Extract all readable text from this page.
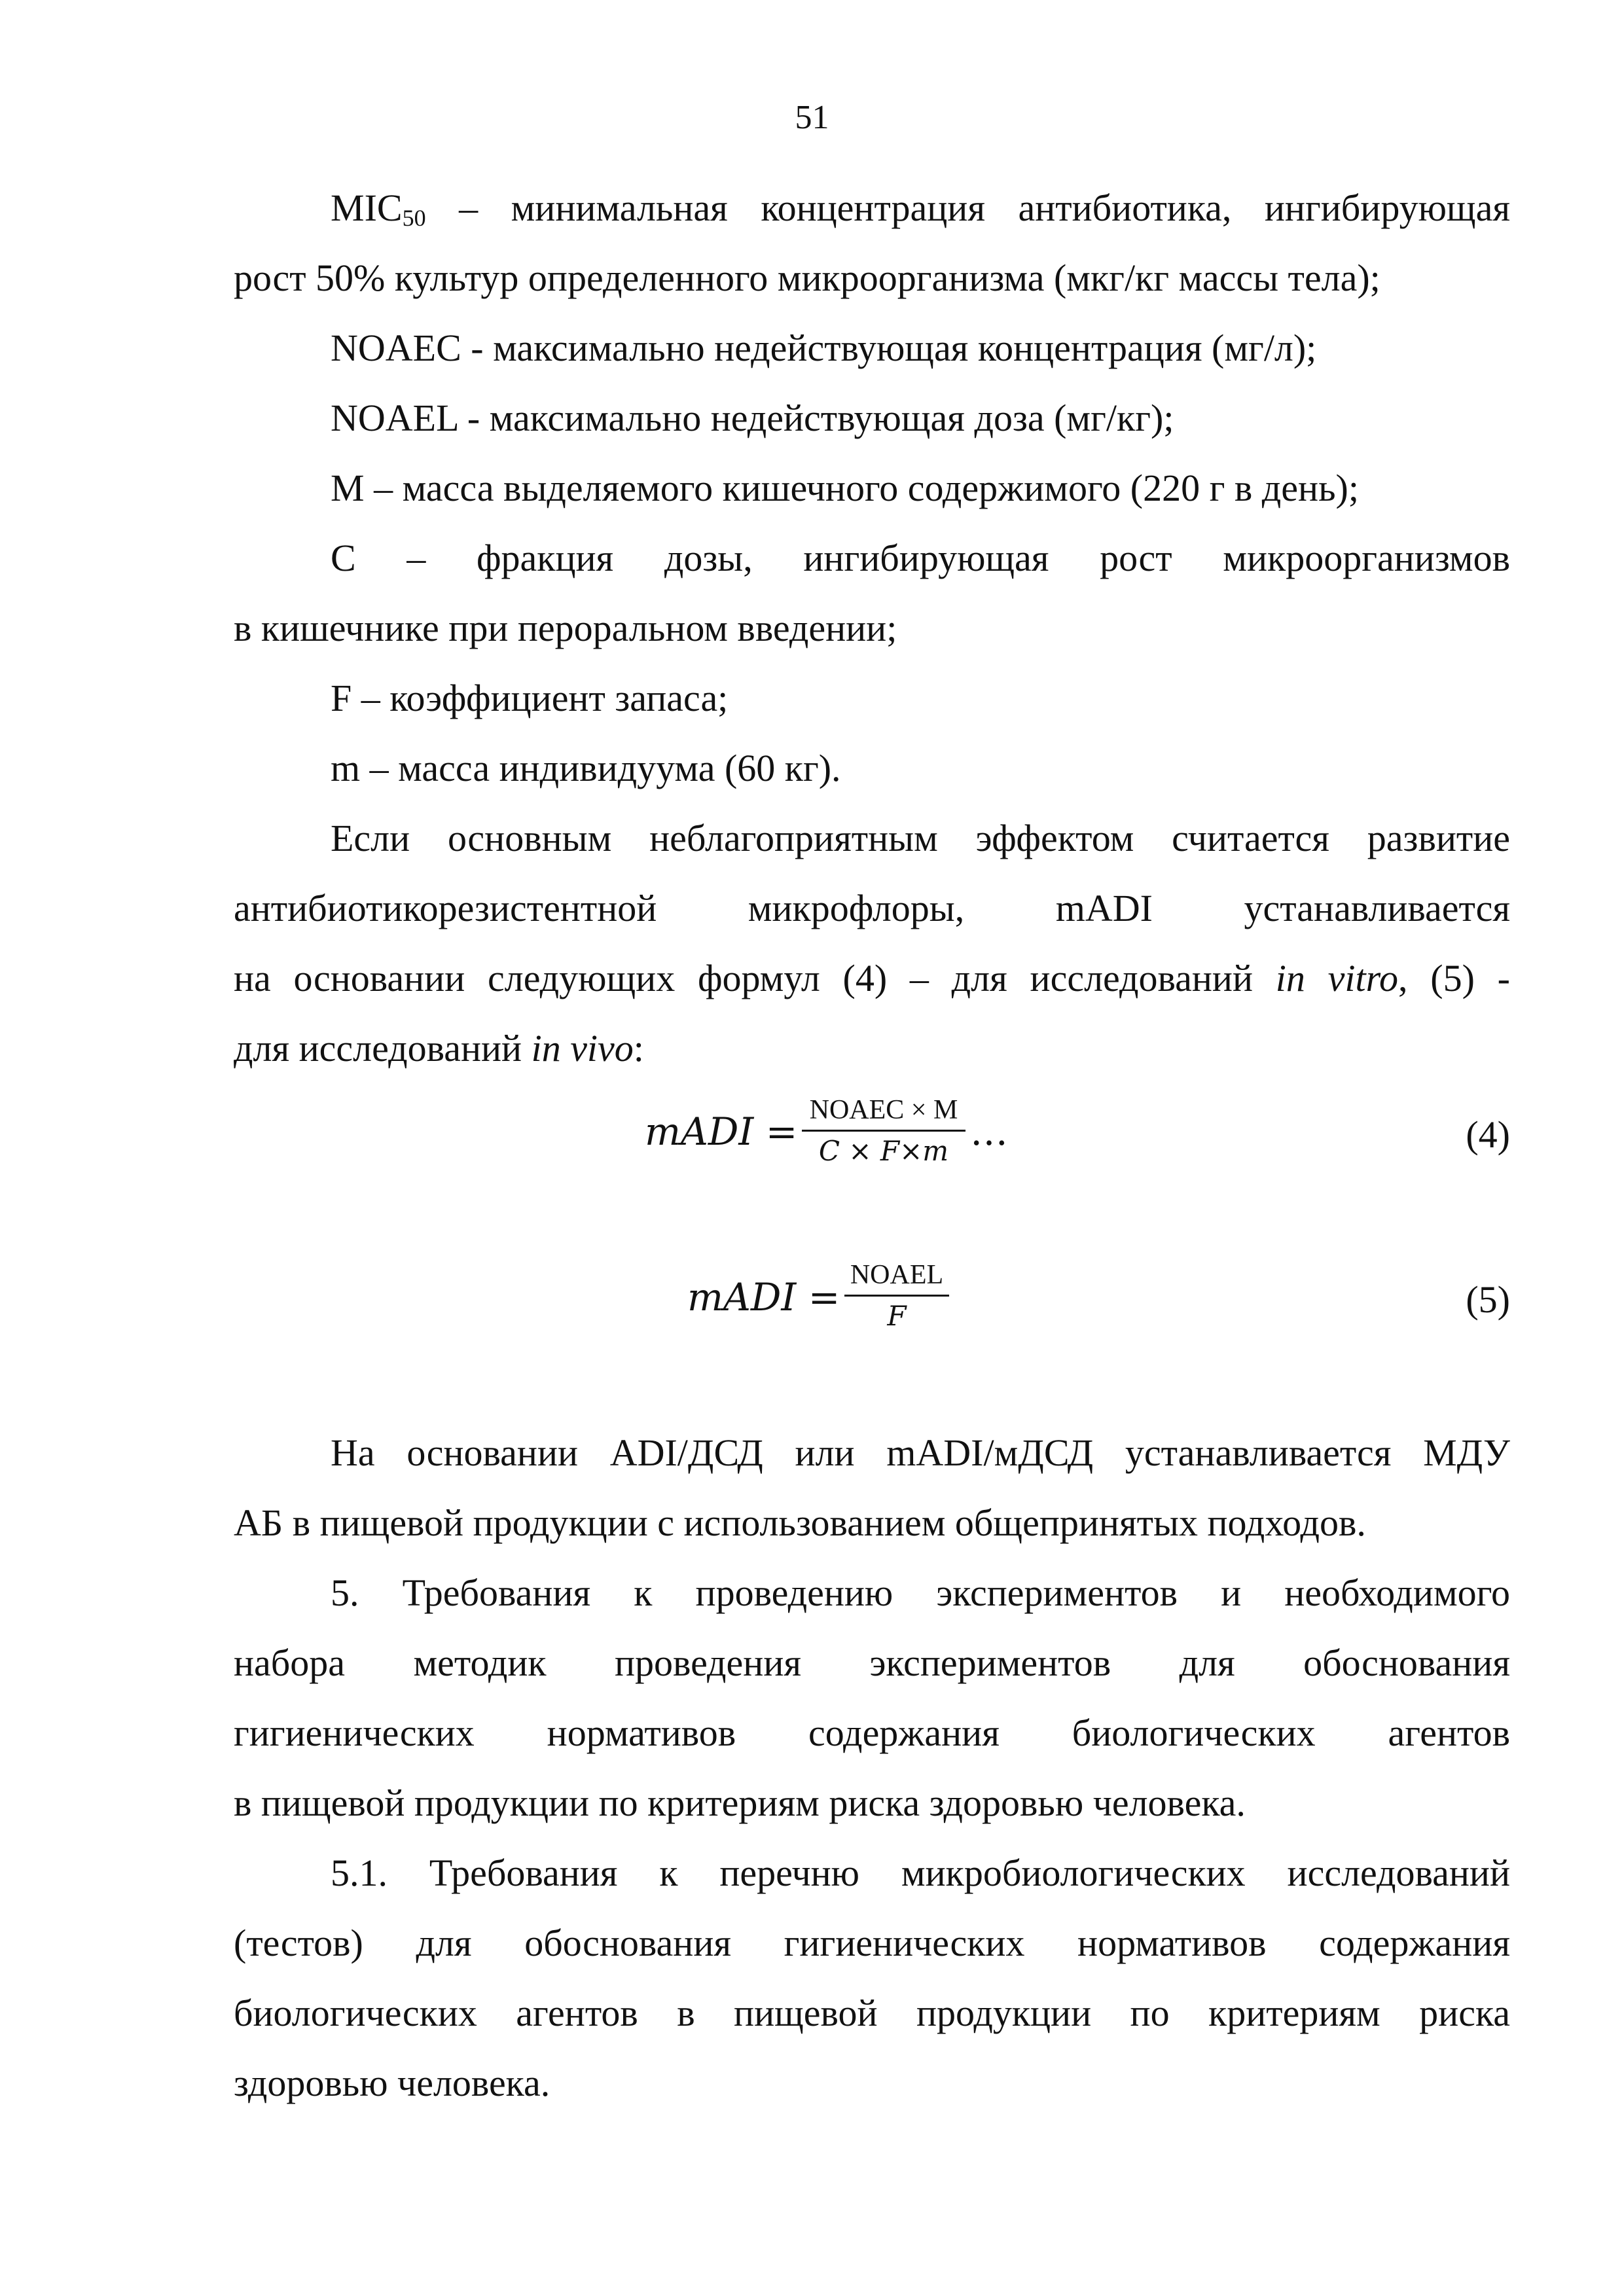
51
$MIC_{50}$ – минимальная концентрация антибиотика, ингибирующая
рост 50% культур определенного микроорганизма (мкг/кг массы тела);
NOAEC - максимально недействующая концентрация (мг/л);
NOAEL - максимально недействующая доза (мг/кг);
M – масса выделяемого кишечного содержимого (220 г в день);
С – фракция дозы, ингибирующая рост микроорганизмов
в кишечнике при пероральном введении;
F – коэффициент запаса;
m – масса индивидуума (60 кг).
Если основным неблагоприятным эффектом считается развитие
антибиотикорезистентной микрофлоры, mADI устанавливается
на основании следующих формул (4) – для исследований in vitro, (5) -
для исследований in vivo:
mADI = NOAEC × M
C × F×m …	(4)
mADI = NOAEL
F	(5)
На основании ADI/ДСД или mADI/мДСД устанавливается МДУ
АБ в пищевой продукции с использованием общепринятых подходов.
5. Требования к проведению экспериментов и необходимого
набора методик проведения экспериментов для обоснования
гигиенических нормативов содержания биологических агентов
в пищевой продукции по критериям риска здоровью человека.
5.1. Требования к перечню микробиологических исследований
(тестов) для обоснования гигиенических нормативов содержания
биологических агентов в пищевой продукции по критериям риска
здоровью человека.
